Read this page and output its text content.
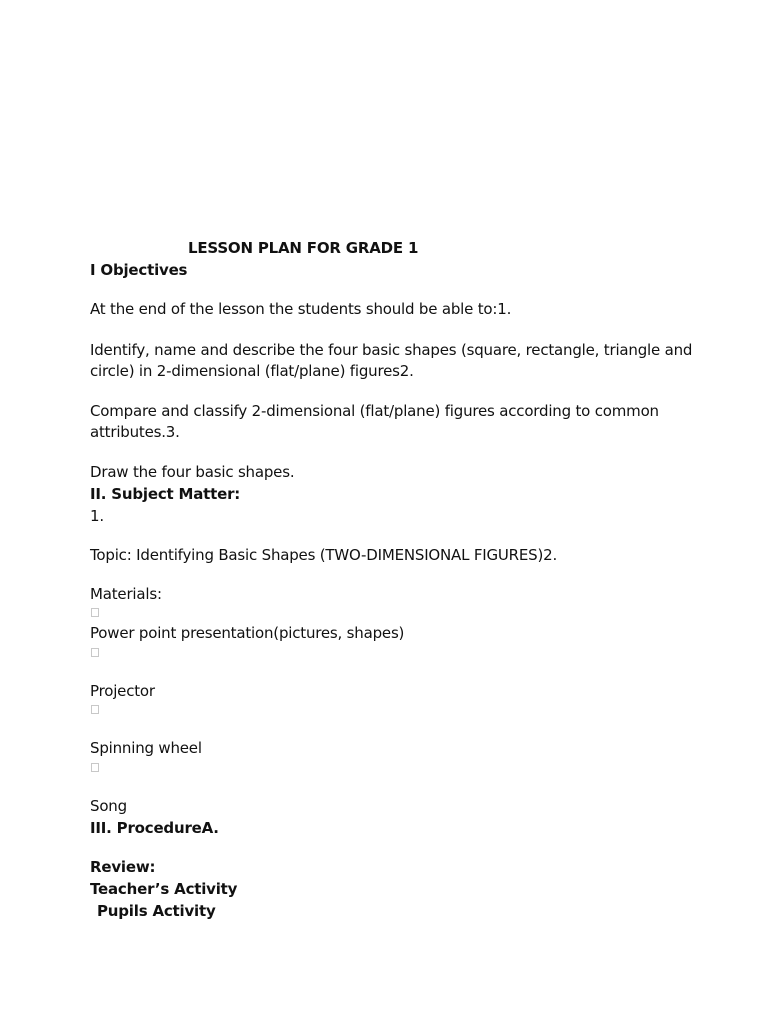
LESSON PLAN FOR GRADE 1
I Objectives
At the end of the lesson the students should be able to:1.
Identify, name and describe the four basic shapes (square, rectangle, triangle and
circle) in 2-dimensional (flat/plane) figures2.
Compare and classify 2-dimensional (flat/plane) figures according to common
attributes.3.
Draw the four basic shapes.
II. Subject Matter:
1.
Topic: Identifying Basic Shapes (TWO-DIMENSIONAL FIGURES)2.
Materials:
Power point presentation(pictures, shapes)
Projector
Spinning wheel
Song
III. ProcedureA.
Review:
Teacher’s Activity
Pupils Activity
